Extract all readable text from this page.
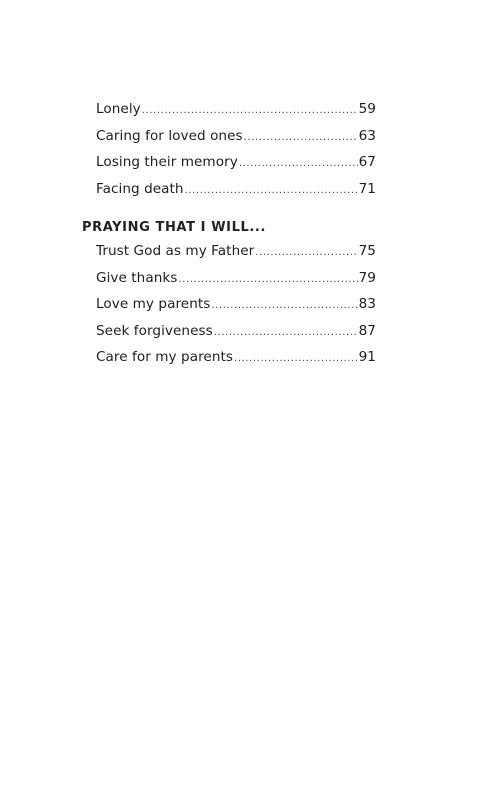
Lonely .....	59
Caring for loved ones .....	63
Losing their memory .....	67
Facing death .....	71
PRAYING THAT I WILL...
Trust God as my Father .....	75
Give thanks .....	79
Love my parents .....	83
Seek forgiveness .....	87
Care for my parents .....	91
